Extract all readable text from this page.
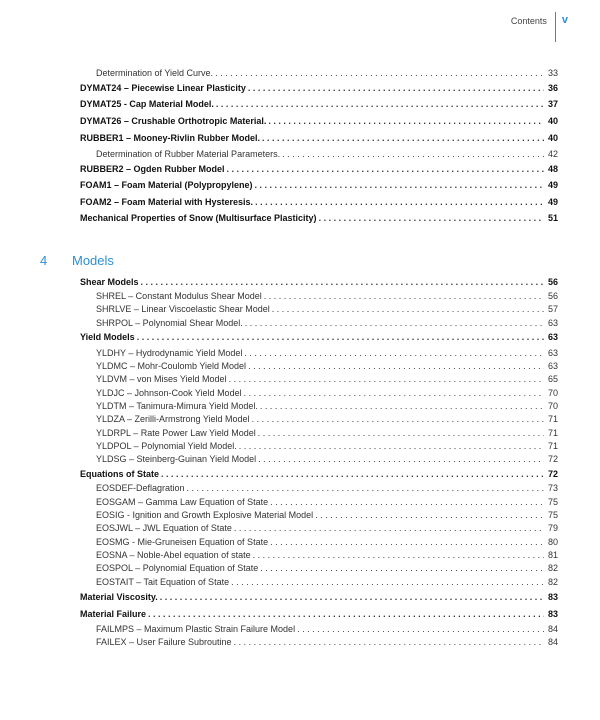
Contents v
4	Models
Determination of Yield Curve. . . .	33
DYMAT24 – Piecewise Linear Plasticity . . .	36
DYMAT25 - Cap Material Model. . . .	37
DYMAT26 – Crushable Orthotropic Material. . . .	40
RUBBER1 – Mooney-Rivlin Rubber Model. . . .	40
Determination of Rubber Material Parameters. . . .	42
RUBBER2 – Ogden Rubber Model . . .	48
FOAM1 – Foam Material (Polypropylene) . . .	49
FOAM2 – Foam Material with Hysteresis. . . .	49
Mechanical Properties of Snow (Multisurface Plasticity) . . .	51
Shear Models . . .	56
SHREL – Constant Modulus Shear Model . . .	56
SHRLVE – Linear Viscoelastic Shear Model . . .	57
SHRPOL – Polynomial Shear Model. . . .	63
Yield Models . . .	63
YLDHY – Hydrodynamic Yield Model . . .	63
YLDMC – Mohr-Coulomb Yield Model . . .	63
YLDVM – von Mises Yield Model . . .	65
YLDJC – Johnson-Cook Yield Model . . .	70
YLDTM – Tanimura-Mimura Yield Model. . . .	70
YLDZA – Zerilli-Armstrong Yield Model . . .	71
YLDRPL – Rate Power Law Yield Model . . .	71
YLDPOL – Polynomial Yield Model. . . .	71
YLDSG – Steinberg-Guinan Yield Model . . .	72
Equations of State . . .	72
EOSDEF-Deflagration . . .	73
EOSGAM – Gamma Law Equation of State . . .	75
EOSIG - Ignition and Growth Explosive Material Model . . .	75
EOSJWL – JWL Equation of State . . .	79
EOSMG - Mie-Gruneisen Equation of State . . .	80
EOSNA – Noble-Abel equation of state . . .	81
EOSPOL – Polynomial Equation of State . . .	82
EOSTAIT – Tait Equation of State . . .	82
Material Viscosity. . . .	83
Material Failure . . .	83
FAILMPS – Maximum Plastic Strain Failure Model . . .	84
FAILEX – User Failure Subroutine . . .	84
